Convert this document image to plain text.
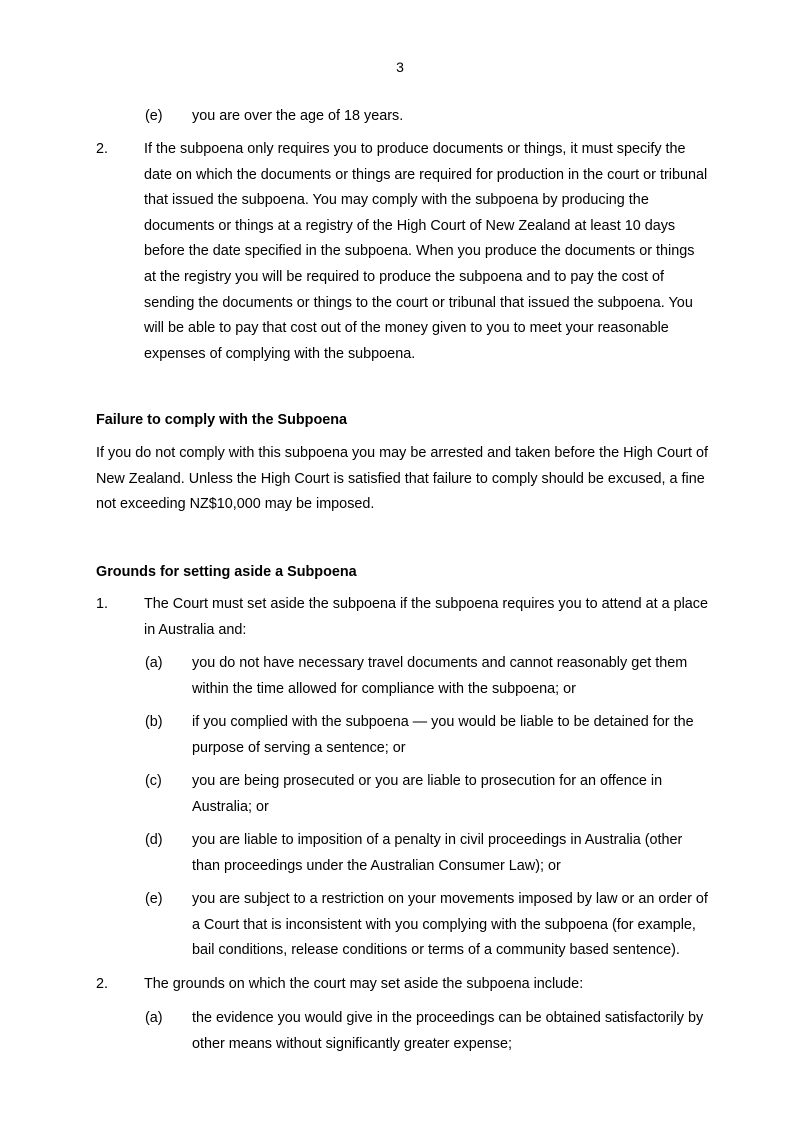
3
(e) you are over the age of 18 years.
2. If the subpoena only requires you to produce documents or things, it must specify the
date on which the documents or things are required for production in the court or tribunal
that issued the subpoena. You may comply with the subpoena by producing the
documents or things at a registry of the High Court of New Zealand at least 10 days
before the date specified in the subpoena. When you produce the documents or things
at the registry you will be required to produce the subpoena and to pay the cost of
sending the documents or things to the court or tribunal that issued the subpoena. You
will be able to pay that cost out of the money given to you to meet your reasonable
expenses of complying with the subpoena.
Failure to comply with the Subpoena
If you do not comply with this subpoena you may be arrested and taken before the High Court of
New Zealand. Unless the High Court is satisfied that failure to comply should be excused, a fine
not exceeding NZ$10,000 may be imposed.
Grounds for setting aside a Subpoena
1. The Court must set aside the subpoena if the subpoena requires you to attend at a place
in Australia and:
(a) you do not have necessary travel documents and cannot reasonably get them
within the time allowed for compliance with the subpoena; or
(b) if you complied with the subpoena — you would be liable to be detained for the
purpose of serving a sentence; or
(c) you are being prosecuted or you are liable to prosecution for an offence in
Australia; or
(d) you are liable to imposition of a penalty in civil proceedings in Australia (other
than proceedings under the Australian Consumer Law); or
(e) you are subject to a restriction on your movements imposed by law or an order of
a Court that is inconsistent with you complying with the subpoena (for example,
bail conditions, release conditions or terms of a community based sentence).
2. The grounds on which the court may set aside the subpoena include:
(a) the evidence you would give in the proceedings can be obtained satisfactorily by
other means without significantly greater expense;
